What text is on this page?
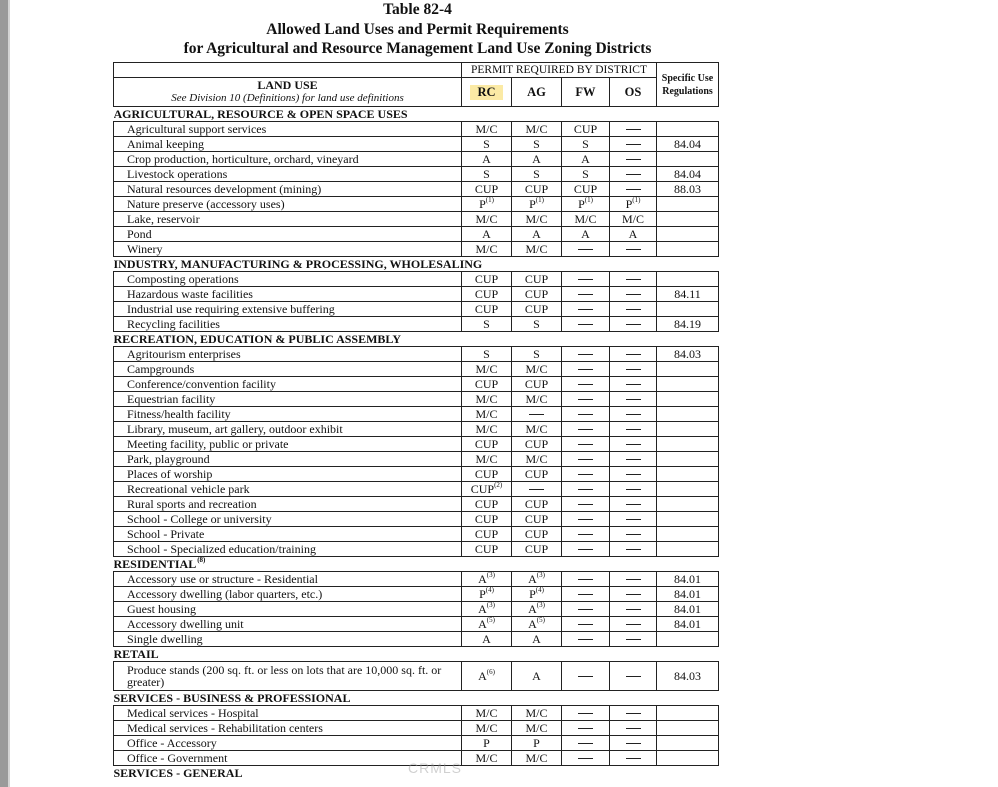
Table 82-4
Allowed Land Uses and Permit Requirements
for Agricultural and Resource Management Land Use Zoning Districts
	PERMIT REQUIRED BY DISTRICT				Specific Use
Regulations

LAND USE
See Division 10 (Definitions) for land use definitions	RC	AG	FW	OS	
AGRICULTURAL, RESOURCE & OPEN SPACE USES					
Agricultural support services	M/C	M/C	CUP		
Animal keeping	S	S	S		84.04
Crop production, horticulture, orchard, vineyard	A	A	A		
Livestock operations	S	S	S		84.04
Natural resources development (mining)	CUP	CUP	CUP		88.03
Nature preserve (accessory uses)	$P^{(1)}$	$P^{(1)}$	$P^{(1)}$	$P^{(1)}$	
Lake, reservoir	M/C	M/C	M/C	M/C	
Pond	A	A	A	A	
Winery	M/C	M/C			
INDUSTRY, MANUFACTURING & PROCESSING, WHOLESALING					
Composting operations	CUP	CUP			
Hazardous waste facilities	CUP	CUP			84.11
Industrial use requiring extensive buffering	CUP	CUP			
Recycling facilities	S	S			84.19
RECREATION, EDUCATION & PUBLIC ASSEMBLY					
Agritourism enterprises	S	S			84.03
Campgrounds	M/C	M/C			
Conference/convention facility	CUP	CUP			
Equestrian facility	M/C	M/C			
Fitness/health facility	M/C				
Library, museum, art gallery, outdoor exhibit	M/C	M/C			
Meeting facility, public or private	CUP	CUP			
Park, playground	M/C	M/C			
Places of worship	CUP	CUP			
Recreational vehicle park	CUP$^{(2)}$				
Rural sports and recreation	CUP	CUP			
School - College or university	CUP	CUP			
School - Private	CUP	CUP			
School - Specialized education/training	CUP	CUP			
RESIDENTIAL$^{(8)}$
Accessory use or structure - Residential	$A^{(3)}$	$A^{(3)}$			84.01
Accessory dwelling (labor quarters, etc.)	$P^{(4)}$	$P^{(4)}$			84.01
Guest housing	$A^{(3)}$	$A^{(3)}$			84.01
Accessory dwelling unit	$A^{(5)}$	$A^{(5)}$			84.01
Single dwelling	A	A			
RETAIL					
Produce stands (200 sq. ft. or less on lots that are 10,000 sq. ft. or greater)	$A^{(6)}$	A			84.03
SERVICES - BUSINESS & PROFESSIONAL					
Medical services - Hospital	M/C	M/C			
Medical services - Rehabilitation centers	M/C	M/C			
Office - Accessory	P	P			
Office - Government	M/C	M/C			
SERVICES - GENERAL						CRMLS
